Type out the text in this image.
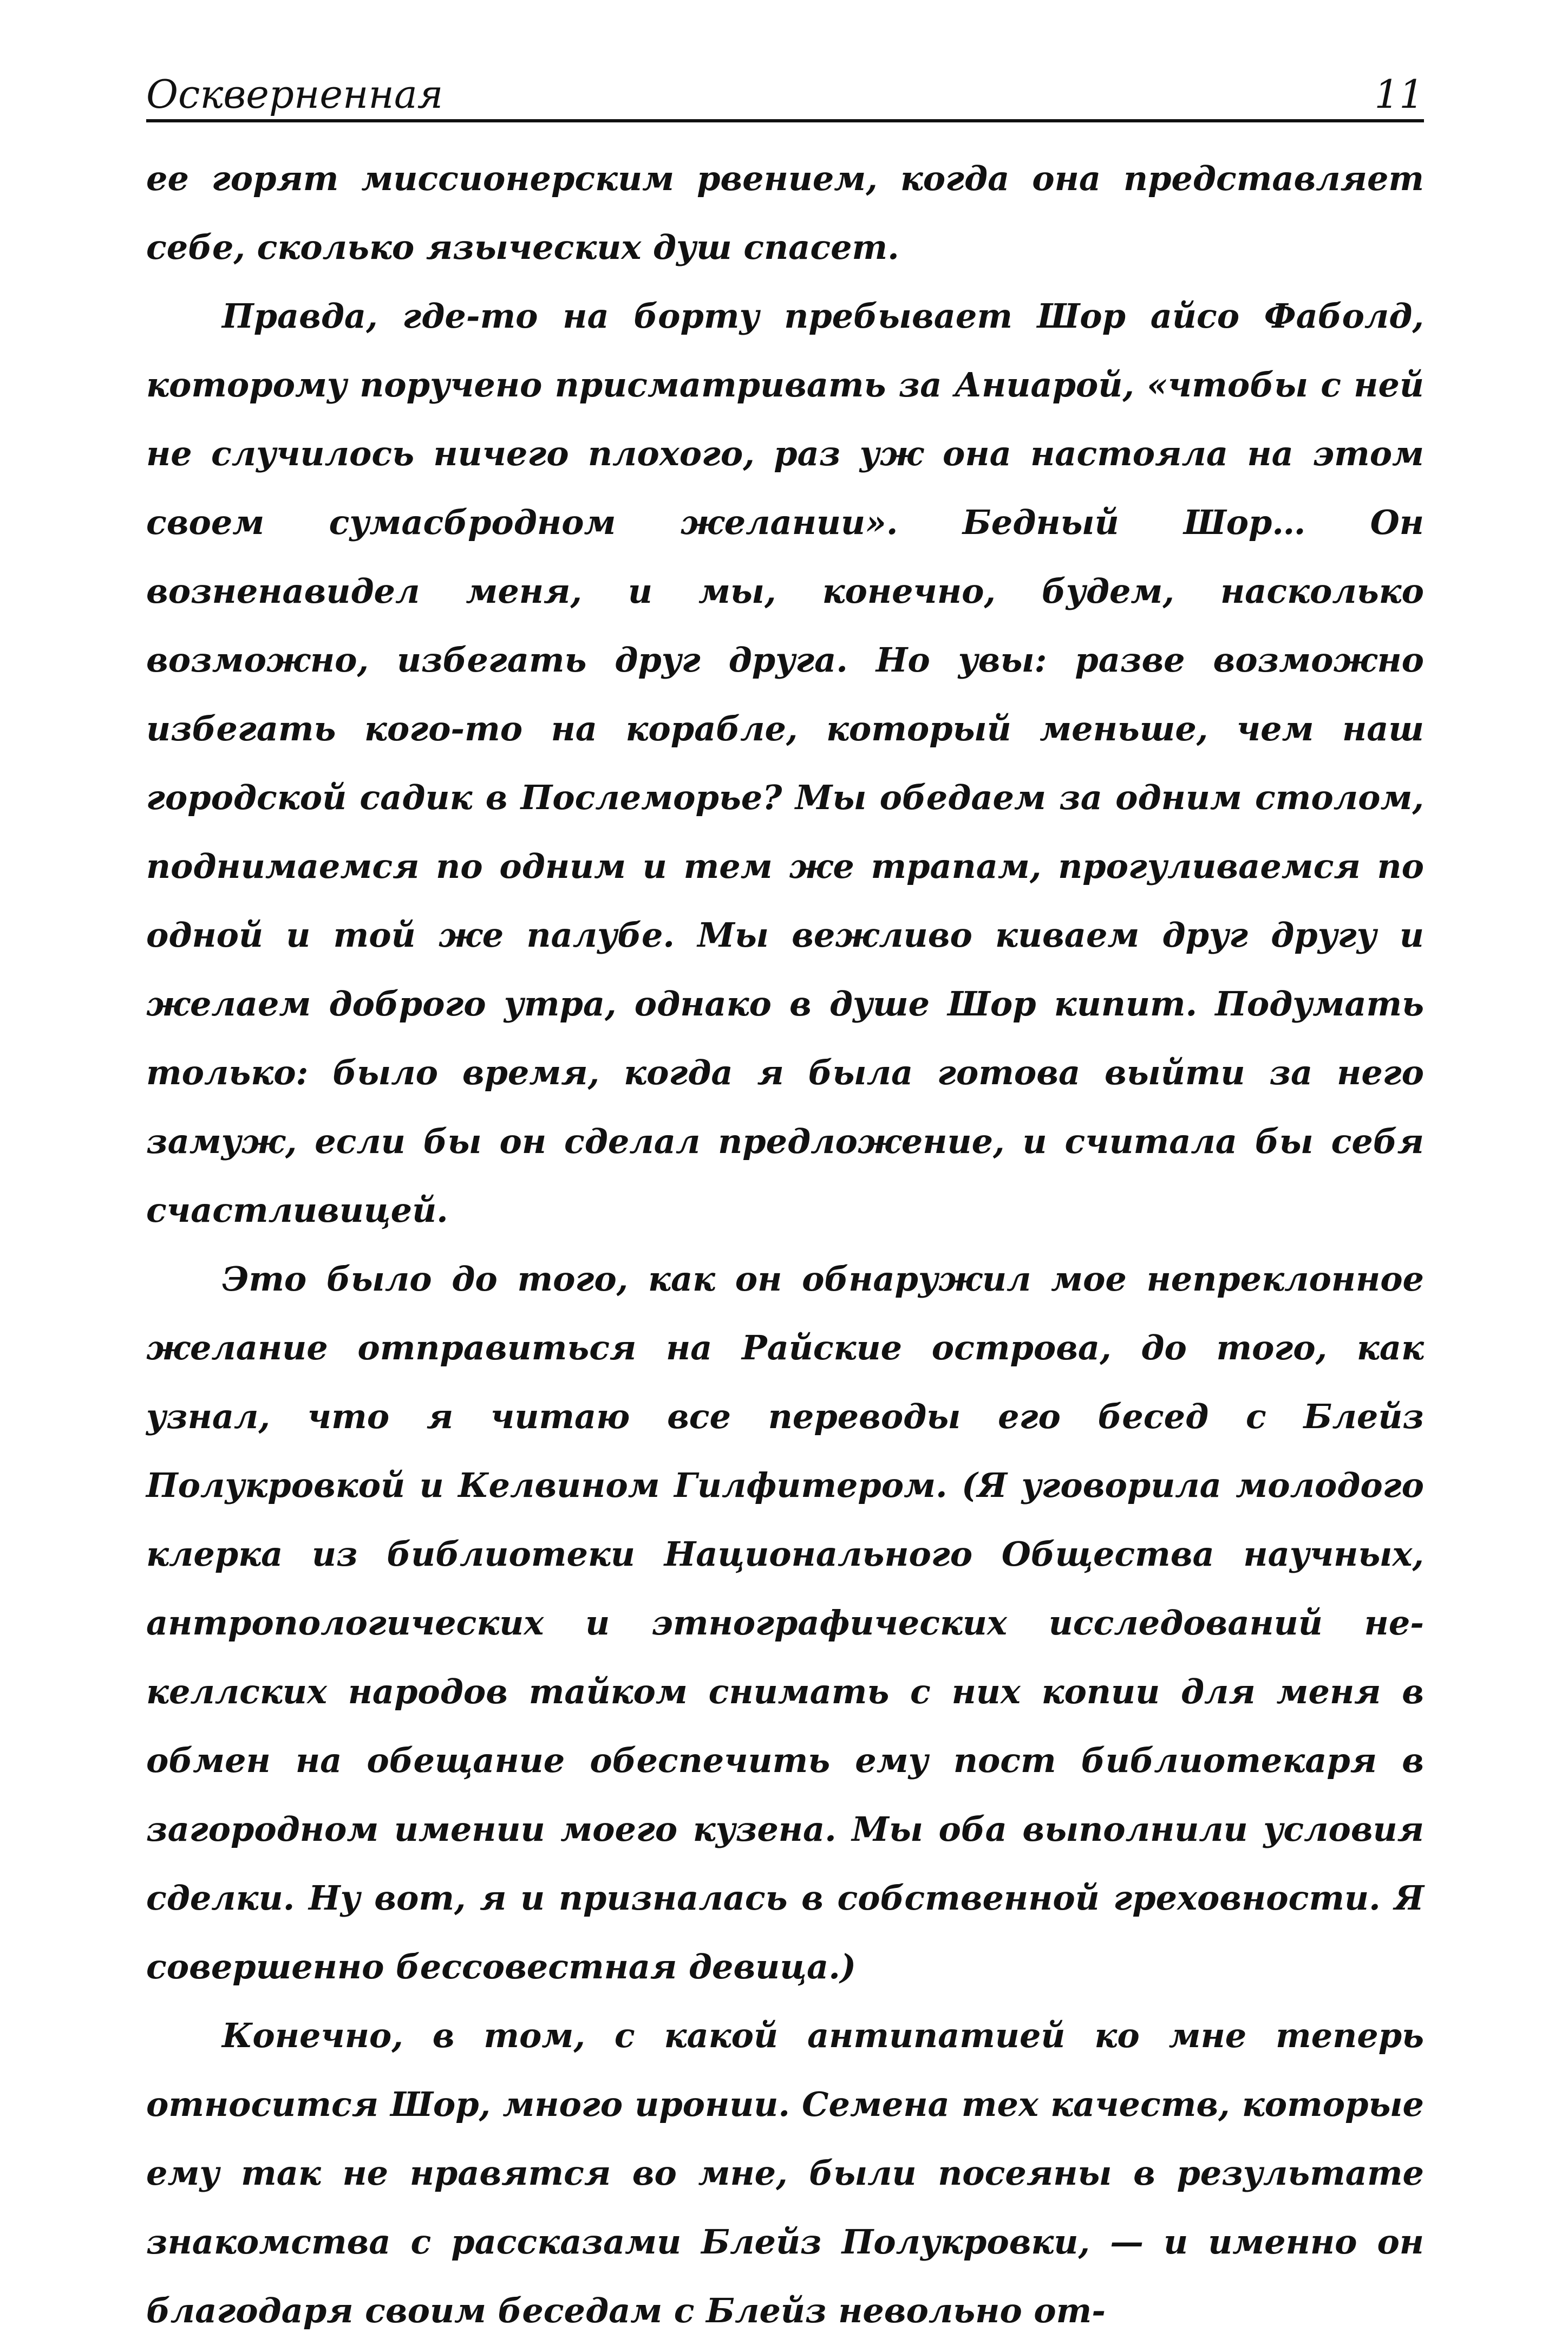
Оскверненная	11

ее горят миссионерским рвением, когда она представляет себе, сколько языческих душ спасет.

Правда, где-то на борту пребывает Шор айсо Фаболд, которому поручено присматривать за Аниарой, «чтобы с ней не случилось ничего плохого, раз уж она настояла на этом своем сумасбродном желании». Бедный Шор… Он возненавидел меня, и мы, конечно, будем, насколько возможно, избегать друг друга. Но увы: разве возможно избегать кого-то на корабле, который меньше, чем наш городской садик в Послеморье? Мы обедаем за одним столом, поднимаемся по одним и тем же трапам, прогуливаемся по одной и той же палубе. Мы вежливо киваем друг другу и желаем доброго утра, однако в душе Шор кипит. Подумать только: было время, когда я была готова выйти за него замуж, если бы он сделал предложение, и считала бы себя счастливицей.

Это было до того, как он обнаружил мое непреклонное желание отправиться на Райские острова, до того, как узнал, что я читаю все переводы его бесед с Блейз Полукровкой и Келвином Гилфитером. (Я уговорила молодого клерка из библиотеки Национального Общества научных, антропологических и этнографических исследований не-келлских народов тайком снимать с них копии для меня в обмен на обещание обеспечить ему пост библиотекаря в загородном имении моего кузена. Мы оба выполнили условия сделки. Ну вот, я и призналась в собственной греховности. Я совершенно бессовестная девица.)

Конечно, в том, с какой антипатией ко мне теперь относится Шор, много иронии. Семена тех качеств, которые ему так не нравятся во мне, были посеяны в результате знакомства с рассказами Блейз Полукровки, — и именно он благодаря своим беседам с Блейз невольно от-
